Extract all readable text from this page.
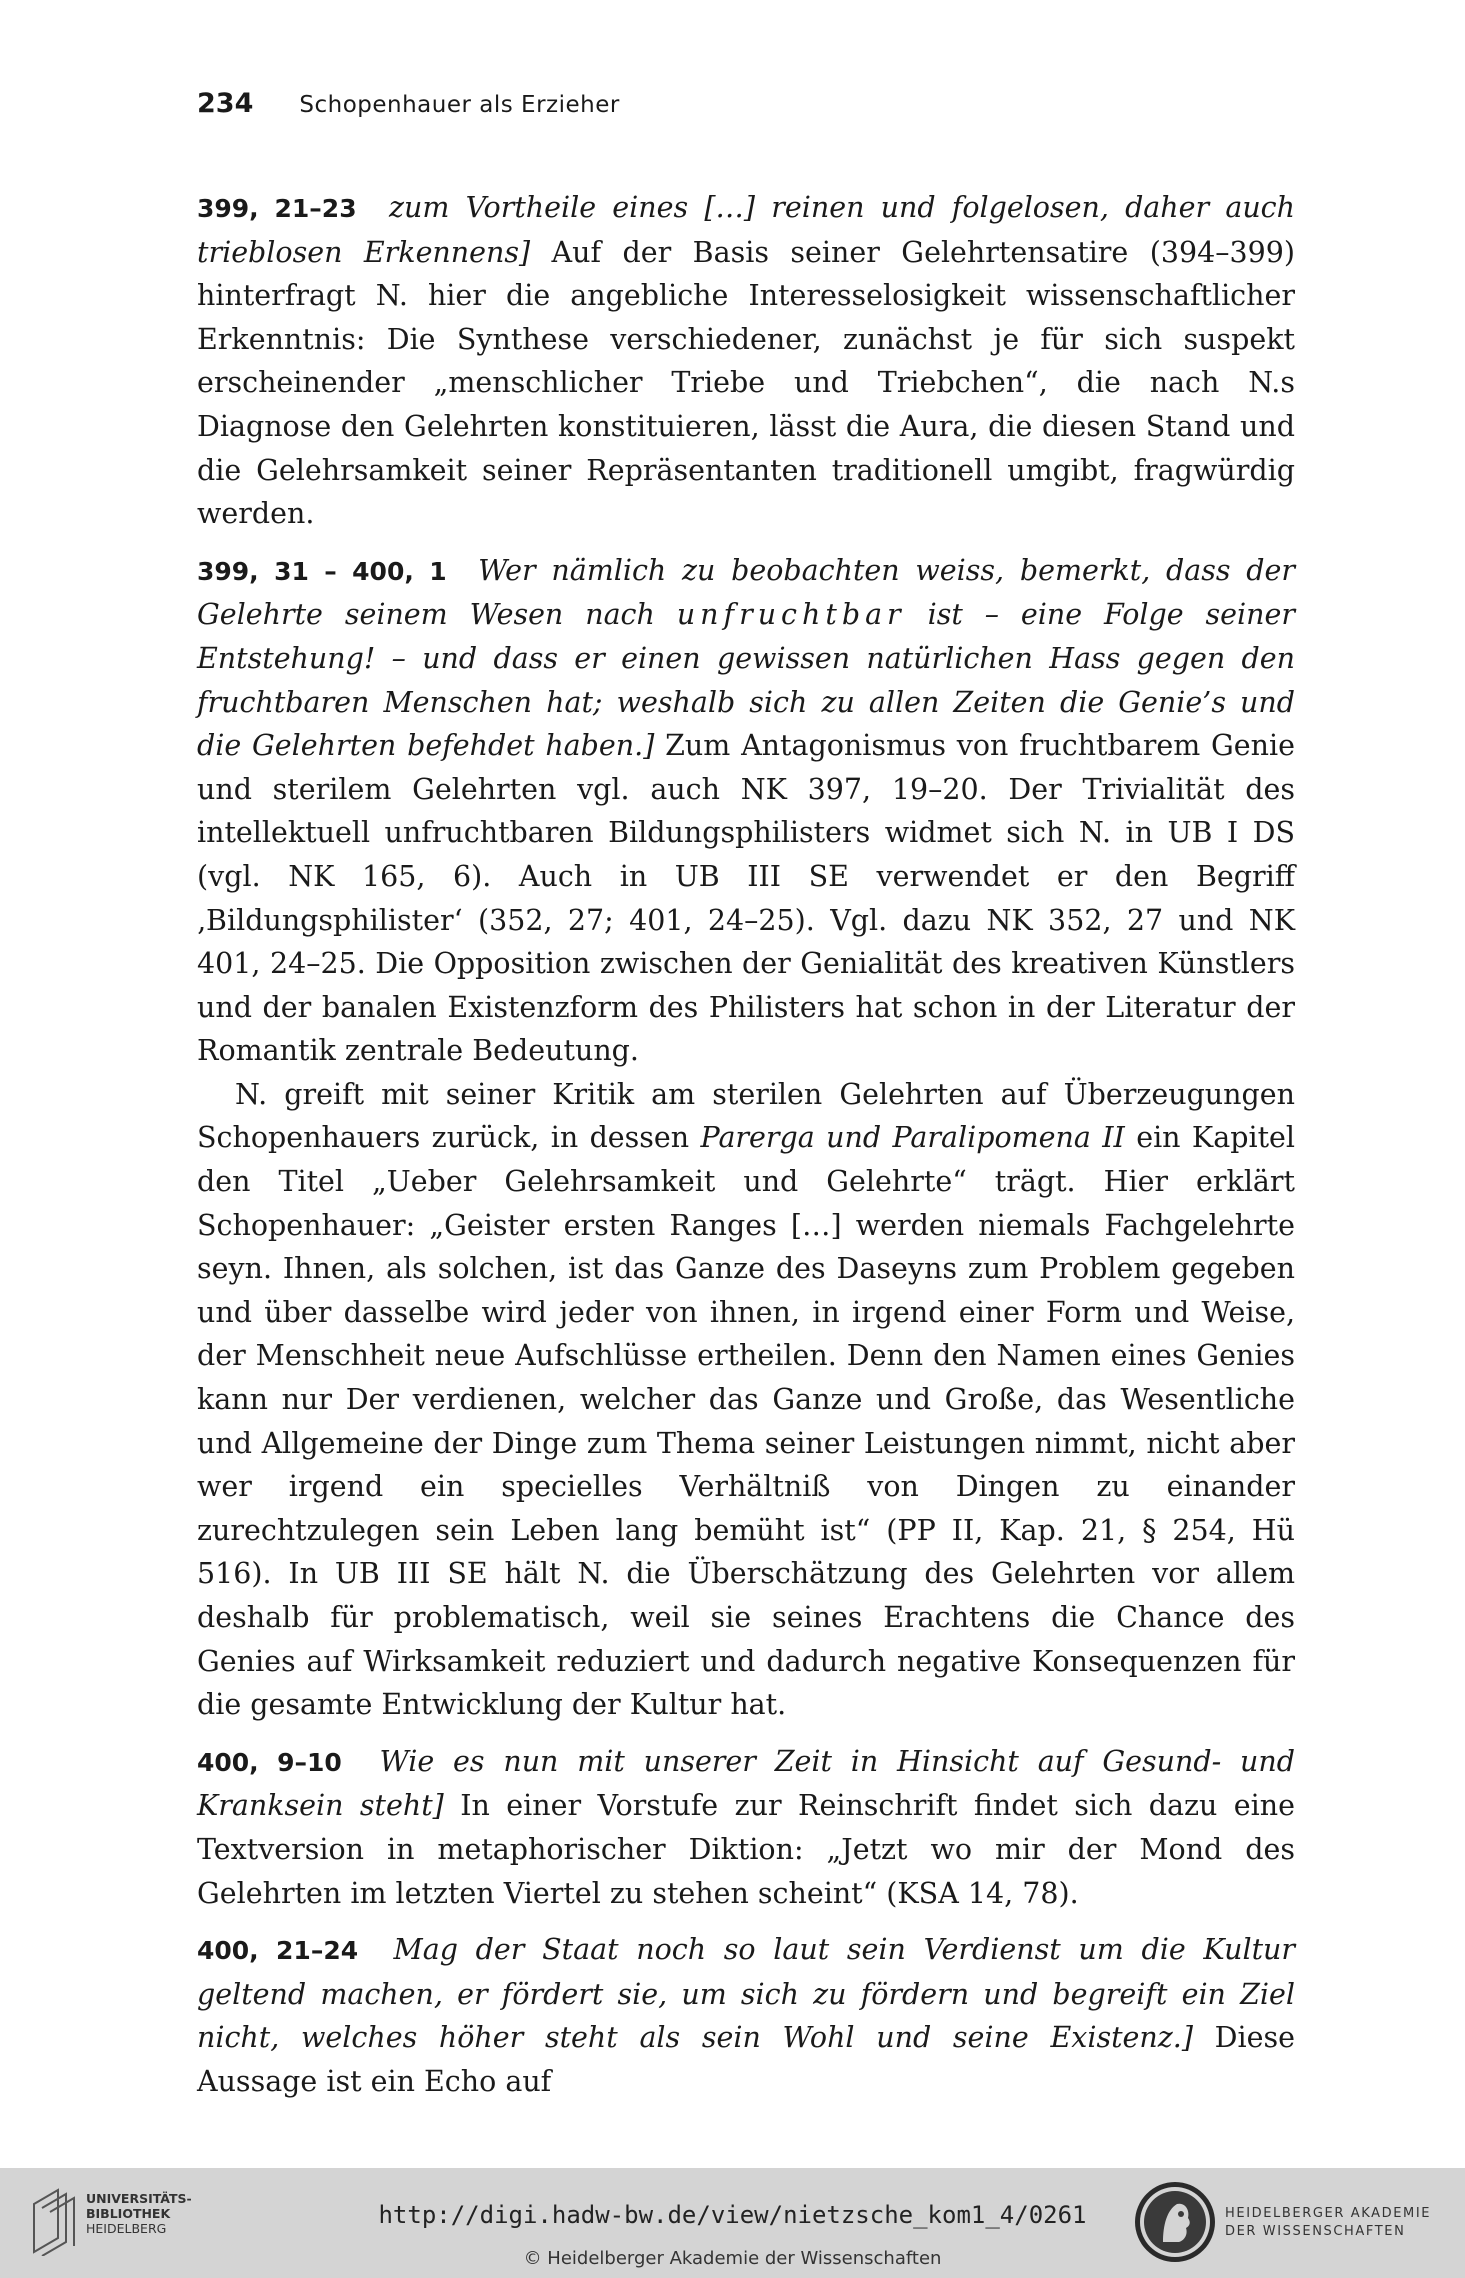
234 Schopenhauer als Erzieher

399, 21–23 zum Vortheile eines […] reinen und folgelosen, daher auch trieblosen Erkennens] Auf der Basis seiner Gelehrtensatire (394–399) hinterfragt N. hier die angebliche Interesselosigkeit wissenschaftlicher Erkenntnis: Die Synthese verschiedener, zunächst je für sich suspekt erscheinender „menschlicher Triebe und Triebchen“, die nach N.s Diagnose den Gelehrten konstituieren, lässt die Aura, die diesen Stand und die Gelehrsamkeit seiner Repräsentanten traditionell umgibt, fragwürdig werden.

399, 31 – 400, 1 Wer nämlich zu beobachten weiss, bemerkt, dass der Gelehrte seinem Wesen nach unfruchtbar ist – eine Folge seiner Entstehung! – und dass er einen gewissen natürlichen Hass gegen den fruchtbaren Menschen hat; weshalb sich zu allen Zeiten die Genie’s und die Gelehrten befehdet haben.] Zum Antagonismus von fruchtbarem Genie und sterilem Gelehrten vgl. auch NK 397, 19–20. Der Trivialität des intellektuell unfruchtbaren Bildungsphilisters widmet sich N. in UB I DS (vgl. NK 165, 6). Auch in UB III SE verwendet er den Begriff ‚Bildungsphilister‘ (352, 27; 401, 24–25). Vgl. dazu NK 352, 27 und NK 401, 24–25. Die Opposition zwischen der Genialität des kreativen Künstlers und der banalen Existenzform des Philisters hat schon in der Literatur der Romantik zentrale Bedeutung.

N. greift mit seiner Kritik am sterilen Gelehrten auf Überzeugungen Schopenhauers zurück, in dessen Parerga und Paralipomena II ein Kapitel den Titel „Ueber Gelehrsamkeit und Gelehrte“ trägt. Hier erklärt Schopenhauer: „Geister ersten Ranges […] werden niemals Fachgelehrte seyn. Ihnen, als solchen, ist das Ganze des Daseyns zum Problem gegeben und über dasselbe wird jeder von ihnen, in irgend einer Form und Weise, der Menschheit neue Aufschlüsse ertheilen. Denn den Namen eines Genies kann nur Der verdienen, welcher das Ganze und Große, das Wesentliche und Allgemeine der Dinge zum Thema seiner Leistungen nimmt, nicht aber wer irgend ein specielles Verhältniß von Dingen zu einander zurechtzulegen sein Leben lang bemüht ist“ (PP II, Kap. 21, § 254, Hü 516). In UB III SE hält N. die Überschätzung des Gelehrten vor allem deshalb für problematisch, weil sie seines Erachtens die Chance des Genies auf Wirksamkeit reduziert und dadurch negative Konsequenzen für die gesamte Entwicklung der Kultur hat.

400, 9–10 Wie es nun mit unserer Zeit in Hinsicht auf Gesund- und Kranksein steht] In einer Vorstufe zur Reinschrift findet sich dazu eine Textversion in metaphorischer Diktion: „Jetzt wo mir der Mond des Gelehrten im letzten Viertel zu stehen scheint“ (KSA 14, 78).

400, 21–24 Mag der Staat noch so laut sein Verdienst um die Kultur geltend machen, er fördert sie, um sich zu fördern und begreift ein Ziel nicht, welches höher steht als sein Wohl und seine Existenz.] Diese Aussage ist ein Echo auf

UNIVERSITÄTS-
BIBLIOTHEK
HEIDELBERG	http://digi.hadw-bw.de/view/nietzsche_kom1_4/0261
© Heidelberger Akademie der Wissenschaften
HEIDELBERGER AKADEMIE
DER WISSENSCHAFTEN
